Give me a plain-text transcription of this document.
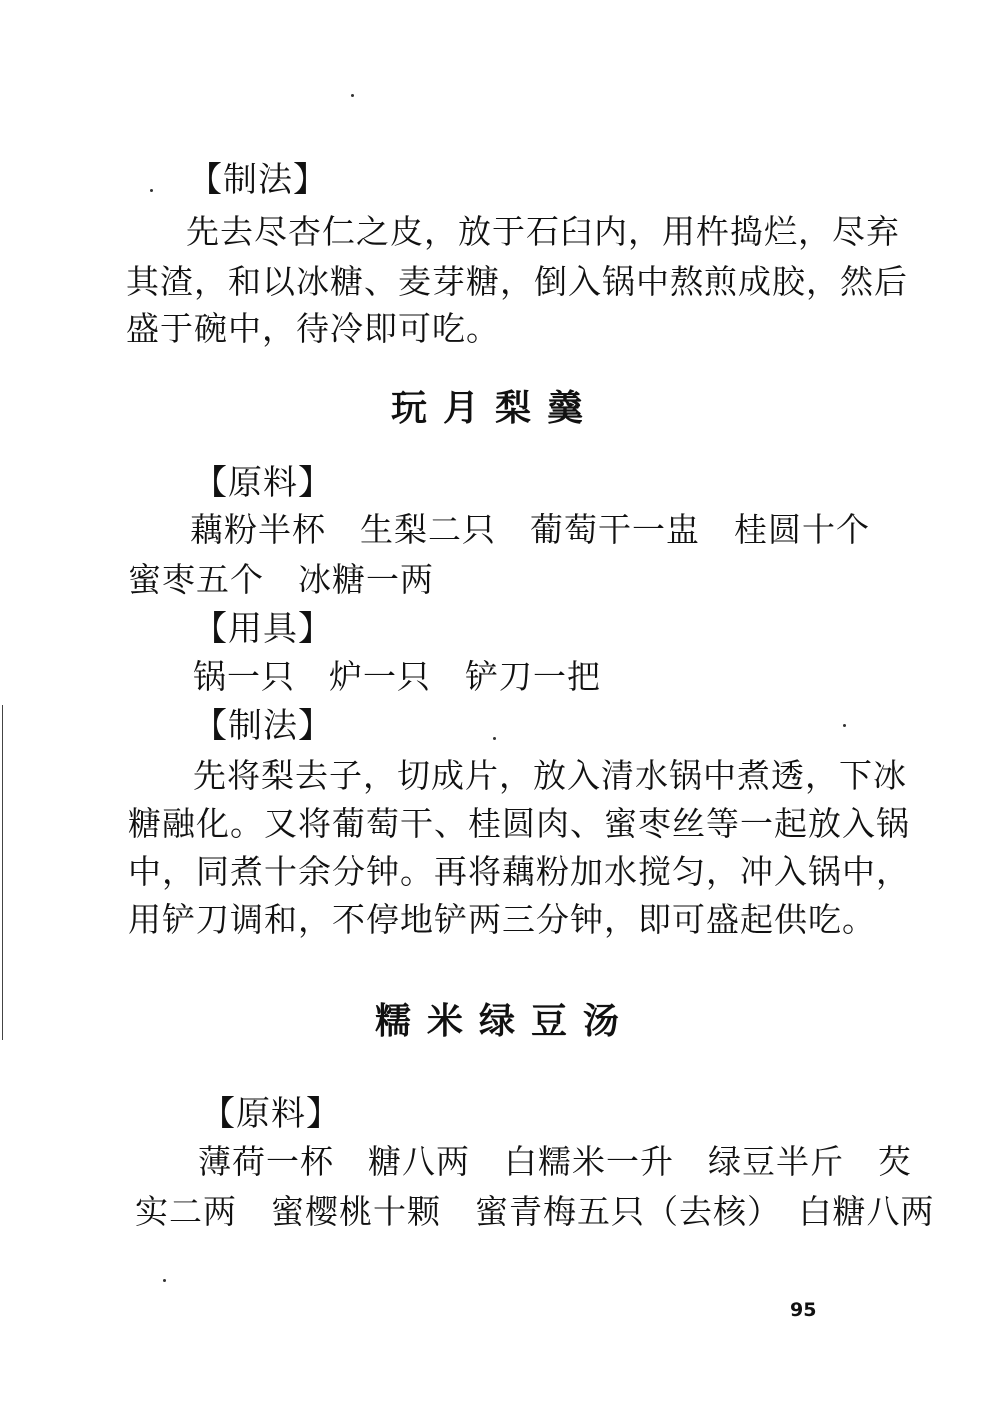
【制法】
先去尽杏仁之皮，放于石臼内，用杵捣烂，尽弃
其渣，和以冰糖、麦芽糖，倒入锅中熬煎成胶，然后
盛于碗中，待冷即可吃。
玩月梨羹
【原料】
藕粉半杯　生梨二只　葡萄干一盅　桂圆十个
蜜枣五个　冰糖一两
【用具】
锅一只　炉一只　铲刀一把
【制法】
先将梨去子，切成片，放入清水锅中煮透，下冰
糖融化。又将葡萄干、桂圆肉、蜜枣丝等一起放入锅
中，同煮十余分钟。再将藕粉加水搅匀，冲入锅中，
用铲刀调和，不停地铲两三分钟，即可盛起供吃。
糯米绿豆汤
【原料】
薄荷一杯　糖八两　白糯米一升　绿豆半斤　芡
实二两　蜜樱桃十颗　蜜青梅五只（去核）　白糖八两
95
